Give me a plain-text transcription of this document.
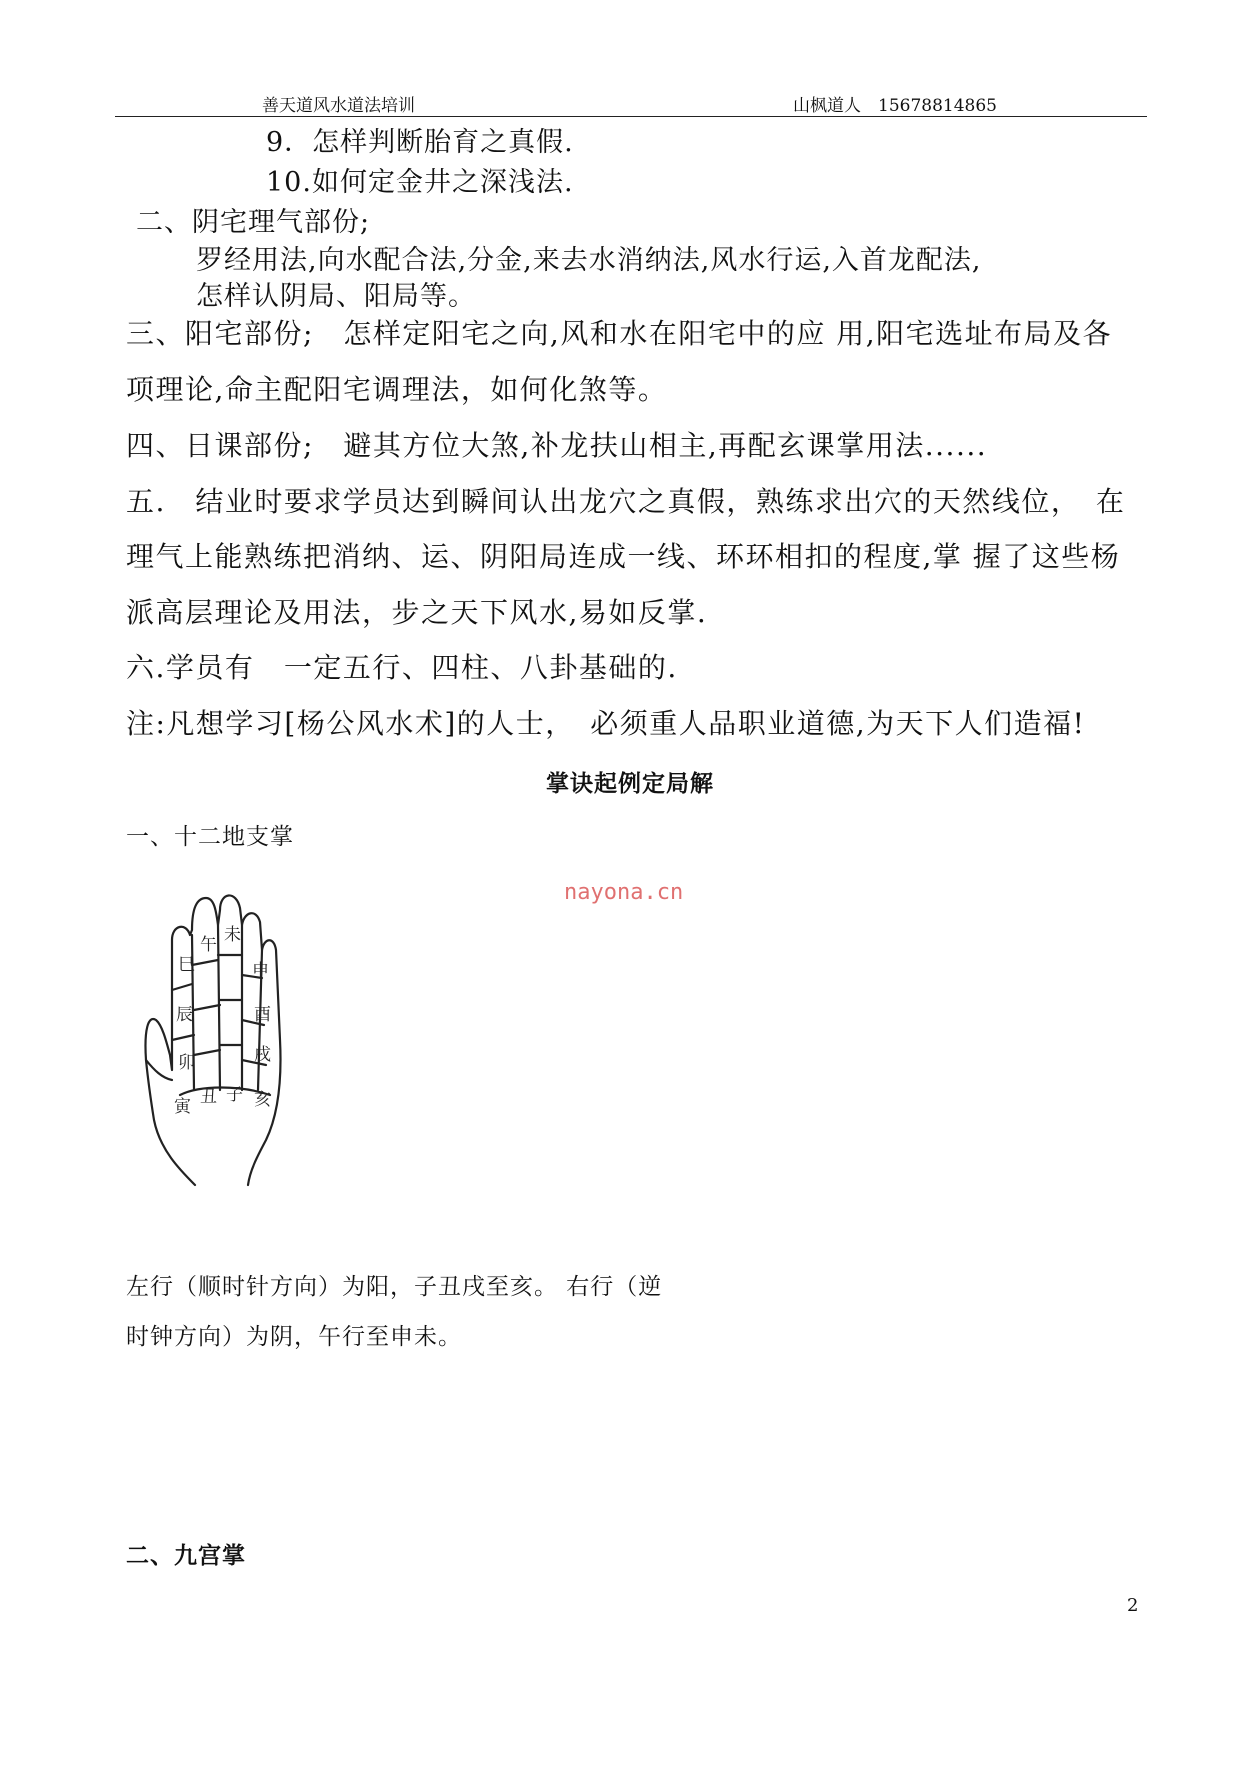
善天道风水道法培训	山枫道人　15678814865
9．怎样判断胎育之真假.
10.如何定金井之深浅法.
二、阴宅理气部份;
罗经用法,向水配合法,分金,来去水消纳法,风水行运,入首龙配法,
怎样认阴局、阳局等。
三、阳宅部份;　怎样定阳宅之向,风和水在阳宅中的应 用,阳宅选址布局及各
项理论,命主配阳宅调理法，如何化煞等。
四、日课部份;　避其方位大煞,补龙扶山相主,再配玄课掌用法......
五.　结业时要求学员达到瞬间认出龙穴之真假，熟练求出穴的天然线位，　在
理气上能熟练把消纳、运、阴阳局连成一线、环环相扣的程度,掌 握了这些杨
派高层理论及用法，步之天下风水,易如反掌.
六.学员有　一定五行、四柱、八卦基础的.
注:凡想学习[杨公风水术]的人士，　必须重人品职业道德,为天下人们造福!
掌诀起例定局解
一、十二地支掌
nayona.cn
巳
辰
卯
寅
午 未
申
酉
戌
亥
丑 子
左行（顺时针方向）为阳，子丑戌至亥。 右行（逆
时钟方向）为阴，午行至申未。
二、九宫掌
2
